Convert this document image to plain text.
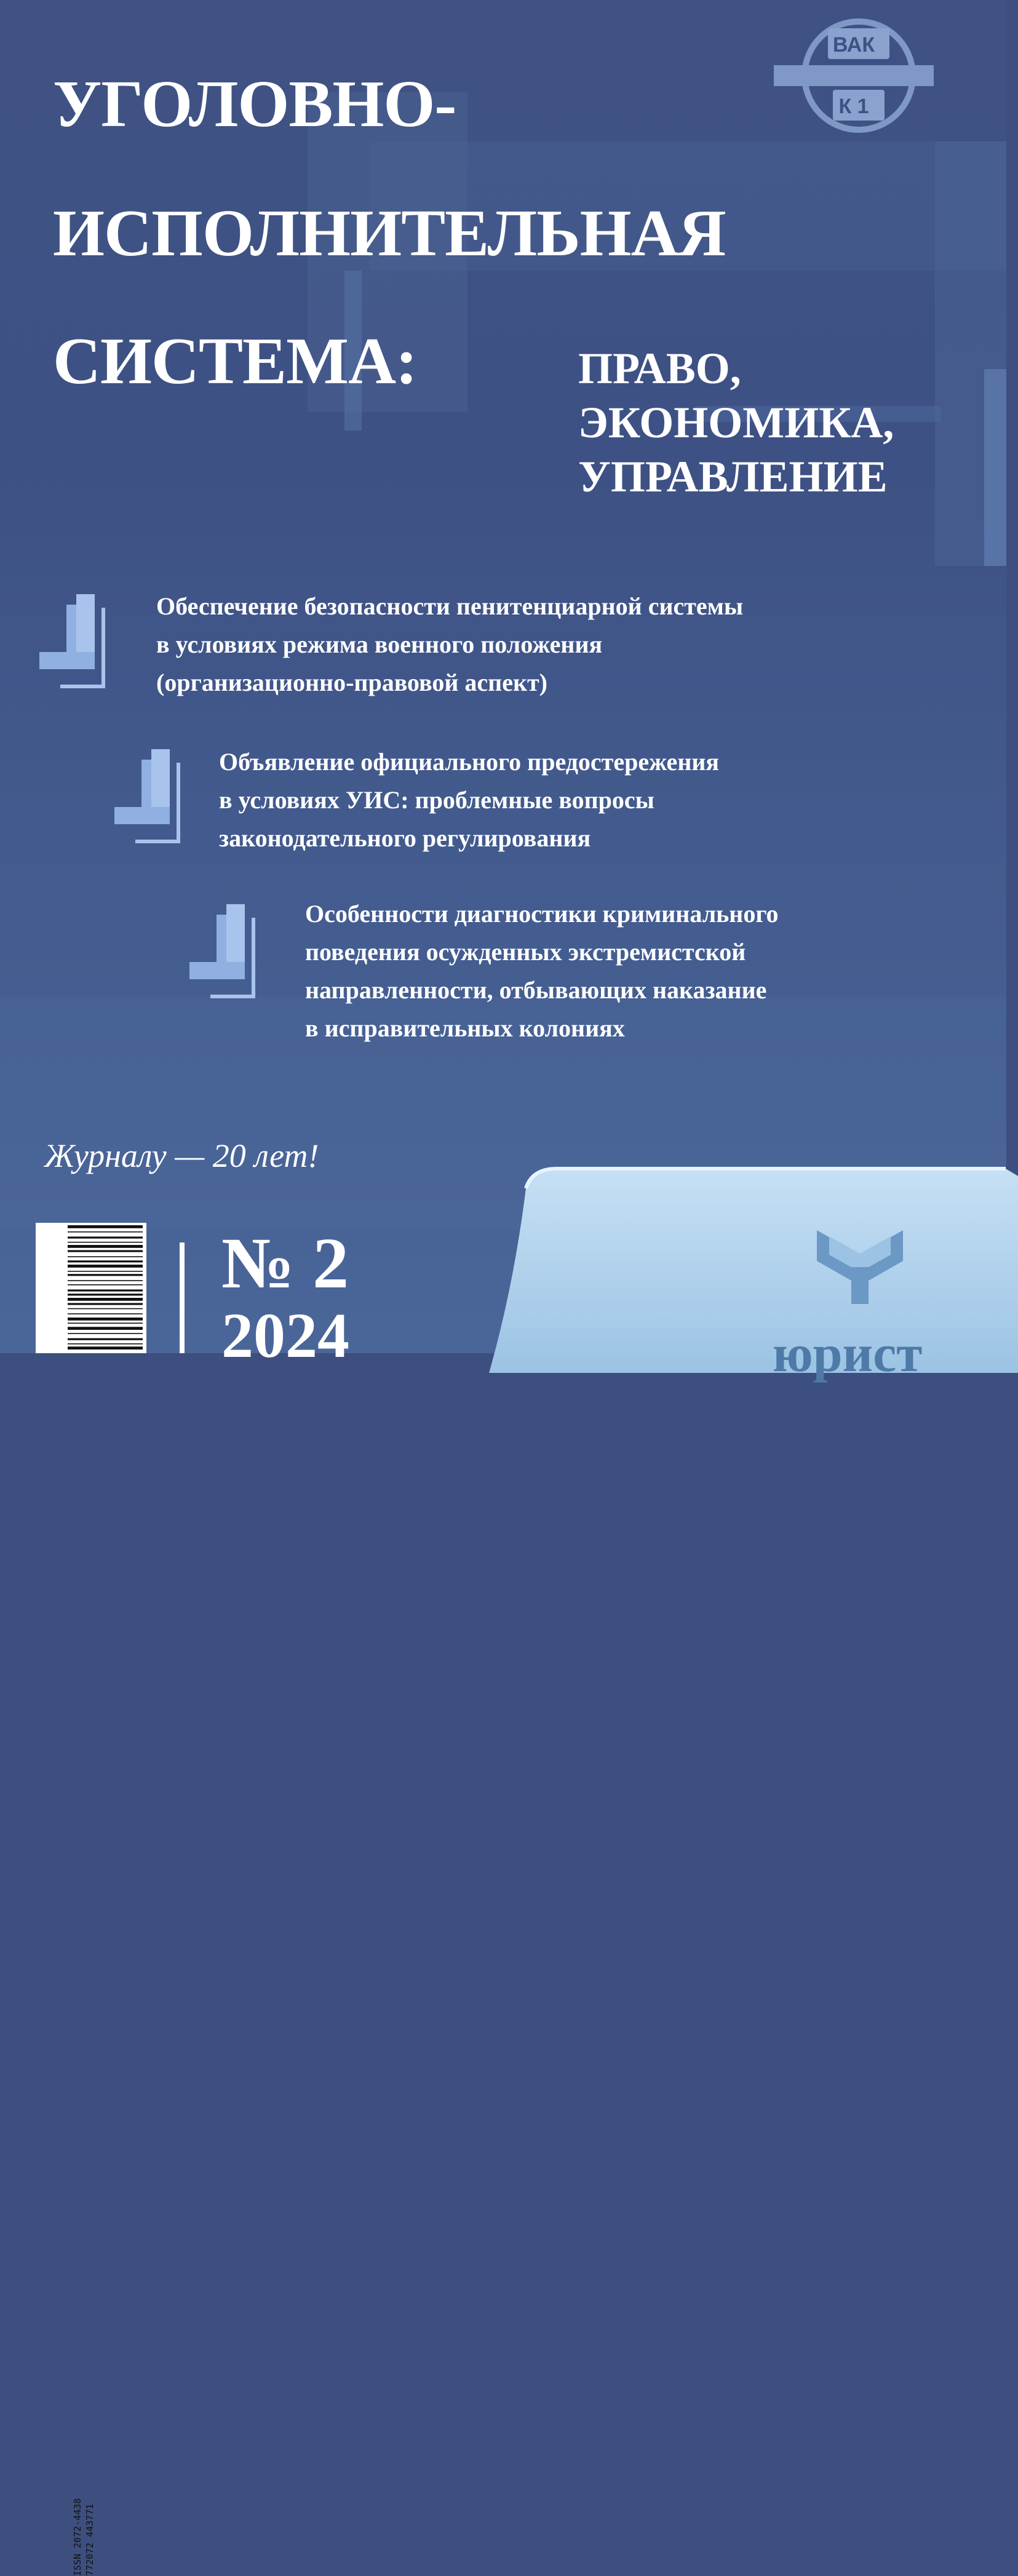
ВАК
К 1
УГОЛОВНО-
ИСПОЛНИТЕЛЬНАЯ
СИСТЕМА:	ПРАВО,
ЭКОНОМИКА,
УПРАВЛЕНИЕ
Обеспечение безопасности пенитенциарной системы
в условиях режима военного положения
(организационно-правовой аспект)
Объявление официального предостережения
в условиях УИС: проблемные вопросы
законодательного регулирования
Особенности диагностики криминального
поведения осужденных экстремистской
направленности, отбывающих наказание
в исправительных колониях
Журналу — 20 лет!
юрист
ISSN 2072-4438 772072 443771
№ 2
2024
